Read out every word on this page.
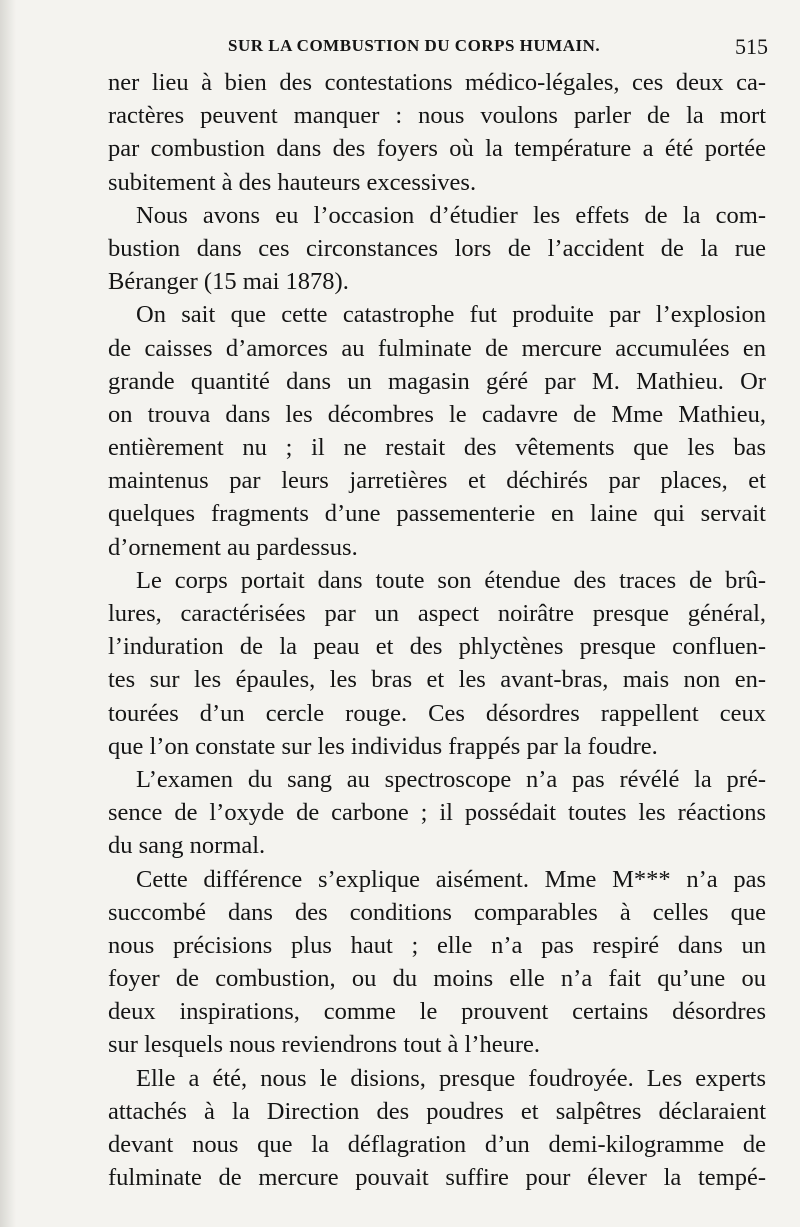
SUR LA COMBUSTION DU CORPS HUMAIN.	515
ner lieu à bien des contestations médico-légales, ces deux ca-
ractères peuvent manquer : nous voulons parler de la mort
par combustion dans des foyers où la température a été portée
subitement à des hauteurs excessives.
Nous avons eu l’occasion d’étudier les effets de la com-
bustion dans ces circonstances lors de l’accident de la rue
Béranger (15 mai 1878).
On sait que cette catastrophe fut produite par l’explosion
de caisses d’amorces au fulminate de mercure accumulées en
grande quantité dans un magasin géré par M. Mathieu. Or
on trouva dans les décombres le cadavre de Mme Mathieu,
entièrement nu ; il ne restait des vêtements que les bas
maintenus par leurs jarretières et déchirés par places, et
quelques fragments d’une passementerie en laine qui servait
d’ornement au pardessus.
Le corps portait dans toute son étendue des traces de brû-
lures, caractérisées par un aspect noirâtre presque général,
l’induration de la peau et des phlyctènes presque confluen-
tes sur les épaules, les bras et les avant-bras, mais non en-
tourées d’un cercle rouge. Ces désordres rappellent ceux
que l’on constate sur les individus frappés par la foudre.
L’examen du sang au spectroscope n’a pas révélé la pré-
sence de l’oxyde de carbone ; il possédait toutes les réactions
du sang normal.
Cette différence s’explique aisément. Mme M*** n’a pas
succombé dans des conditions comparables à celles que
nous précisions plus haut ; elle n’a pas respiré dans un
foyer de combustion, ou du moins elle n’a fait qu’une ou
deux inspirations, comme le prouvent certains désordres
sur lesquels nous reviendrons tout à l’heure.
Elle a été, nous le disions, presque foudroyée. Les experts
attachés à la Direction des poudres et salpêtres déclaraient
devant nous que la déflagration d’un demi-kilogramme de
fulminate de mercure pouvait suffire pour élever la tempé-
